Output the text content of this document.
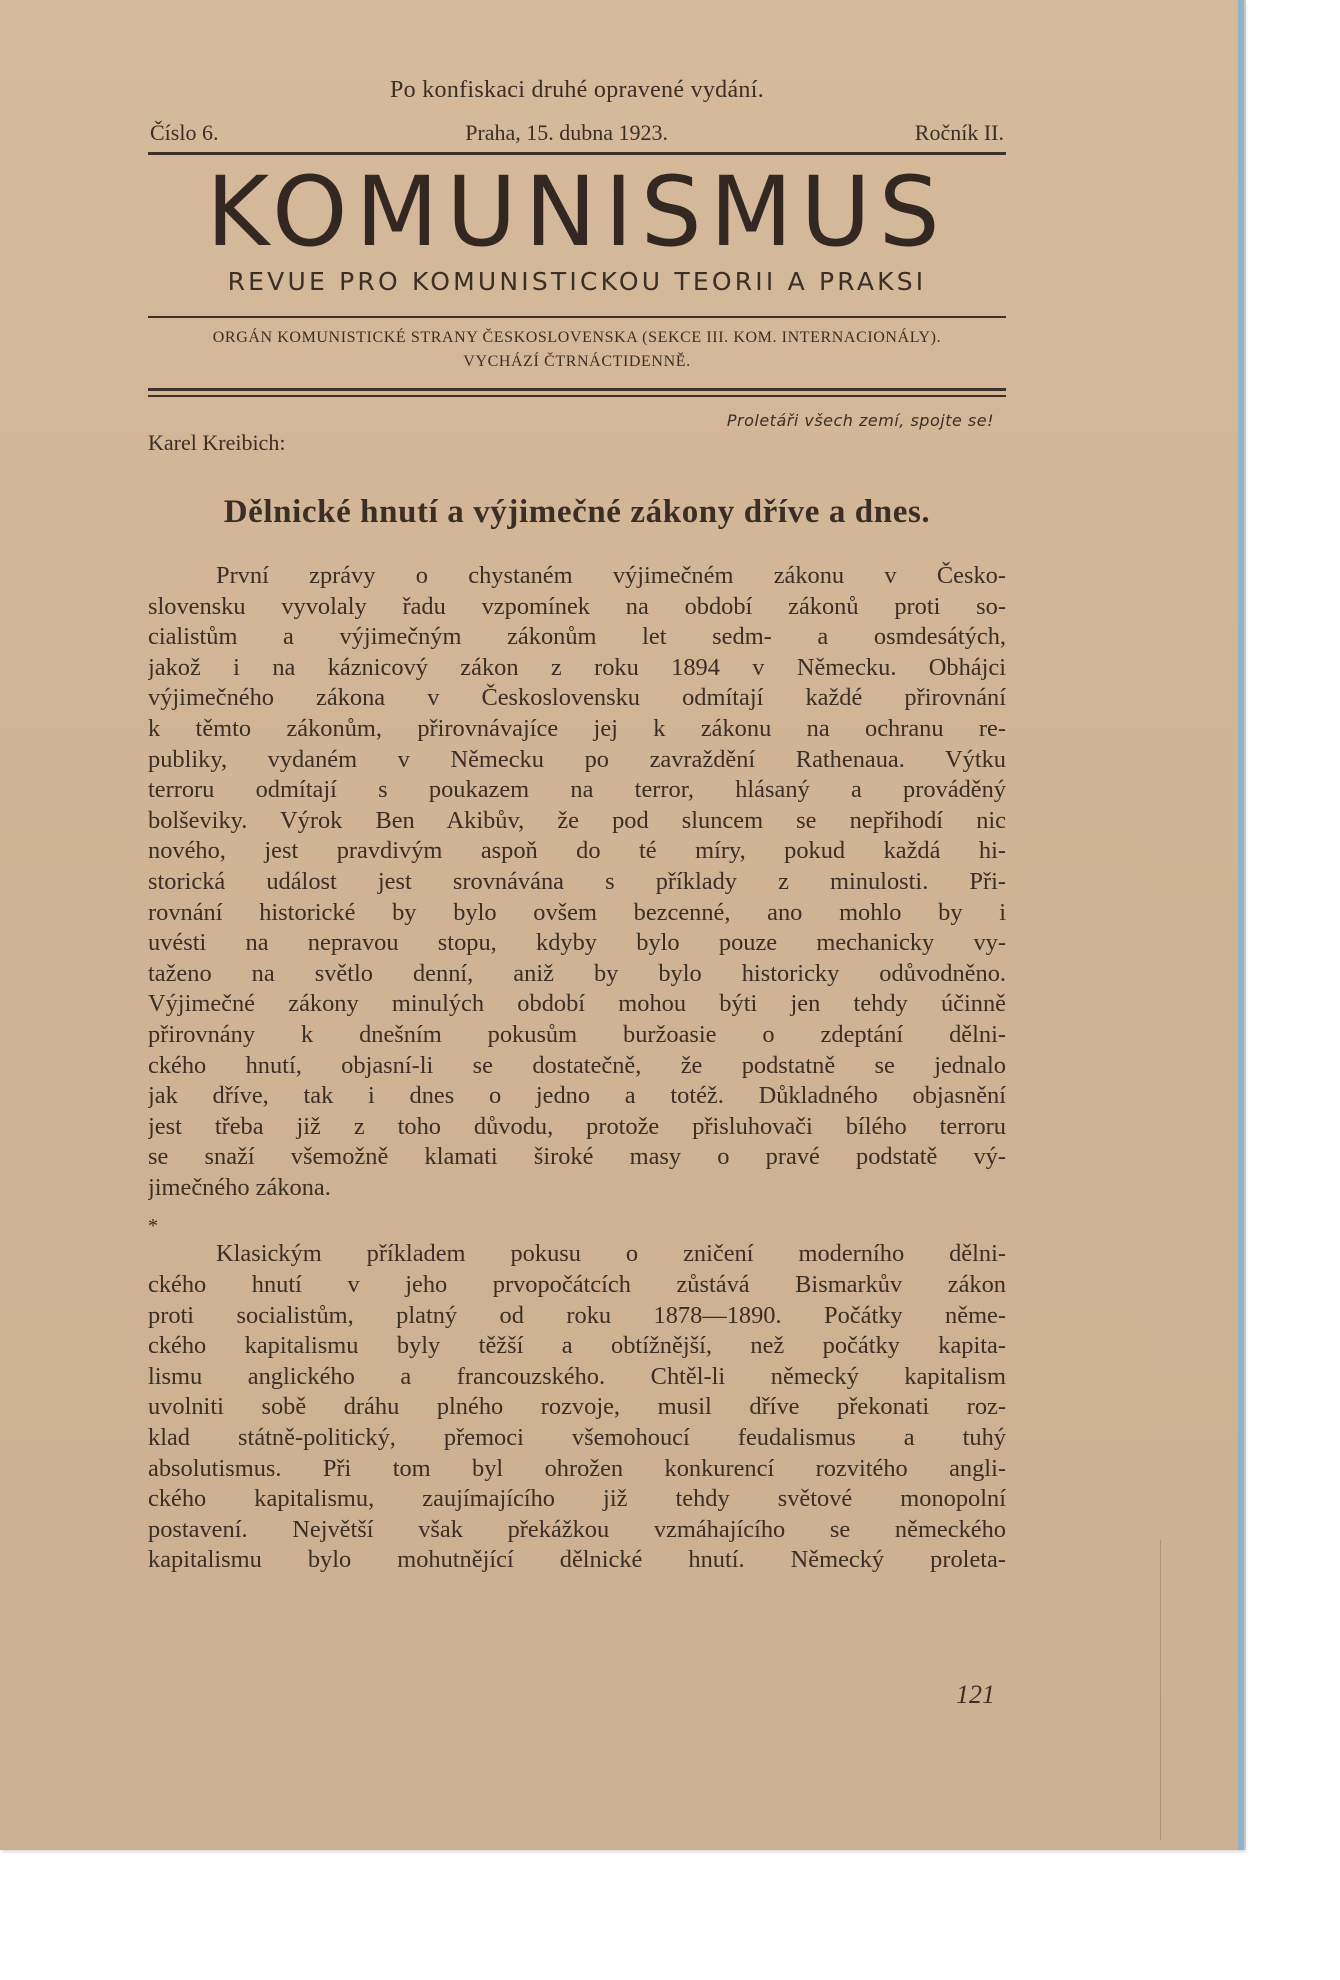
Po konfiskaci druhé opravené vydání.
Číslo 6.	Praha, 15. dubna 1923.	Ročník II.
KOMUNISMUS
REVUE PRO KOMUNISTICKOU TEORII A PRAKSI
ORGÁN KOMUNISTICKÉ STRANY ČESKOSLOVENSKA (SEKCE III. KOM. INTERNACIONÁLY).
VYCHÁZÍ ČTRNÁCTIDENNĚ.
Proletáři všech zemí, spojte se!
Karel Kreibich:
Dělnické hnutí a výjimečné zákony dříve a dnes.
První zprávy o chystaném výjimečném zákonu v Česko-
slovensku vyvolaly řadu vzpomínek na období zákonů proti so-
cialistům a výjimečným zákonům let sedm- a osmdesátých,
jakož i na káznicový zákon z roku 1894 v Německu. Obhájci
výjimečného zákona v Československu odmítají každé přirovnání
k těmto zákonům, přirovnávajíce jej k zákonu na ochranu re-
publiky, vydaném v Německu po zavraždění Rathenaua. Výtku
terroru odmítají s poukazem na terror, hlásaný a prováděný
bolševiky. Výrok Ben Akibův, že pod sluncem se nepřihodí nic
nového, jest pravdivým aspoň do té míry, pokud každá hi-
storická událost jest srovnávána s příklady z minulosti. Při-
rovnání historické by bylo ovšem bezcenné, ano mohlo by i
uvésti na nepravou stopu, kdyby bylo pouze mechanicky vy-
taženo na světlo denní, aniž by bylo historicky odůvodněno.
Výjimečné zákony minulých období mohou býti jen tehdy účinně
přirovnány k dnešním pokusům buržoasie o zdeptání dělni-
ckého hnutí, objasní-li se dostatečně, že podstatně se jednalo
jak dříve, tak i dnes o jedno a totéž. Důkladného objasnění
jest třeba již z toho důvodu, protože přisluhovači bílého terroru
se snaží všemožně klamati široké masy o pravé podstatě vý-
jimečného zákona.
*
Klasickým příkladem pokusu o zničení moderního dělni-
ckého hnutí v jeho prvopočátcích zůstává Bismarkův zákon
proti socialistům, platný od roku 1878—1890. Počátky něme-
ckého kapitalismu byly těžší a obtížnější, než počátky kapita-
lismu anglického a francouzského. Chtěl-li německý kapitalism
uvolniti sobě dráhu plného rozvoje, musil dříve překonati roz-
klad státně-politický, přemoci všemohoucí feudalismus a tuhý
absolutismus. Při tom byl ohrožen konkurencí rozvitého angli-
ckého kapitalismu, zaujímajícího již tehdy světové monopolní
postavení. Největší však překážkou vzmáhajícího se německého
kapitalismu bylo mohutnějící dělnické hnutí. Německý proleta-
121
